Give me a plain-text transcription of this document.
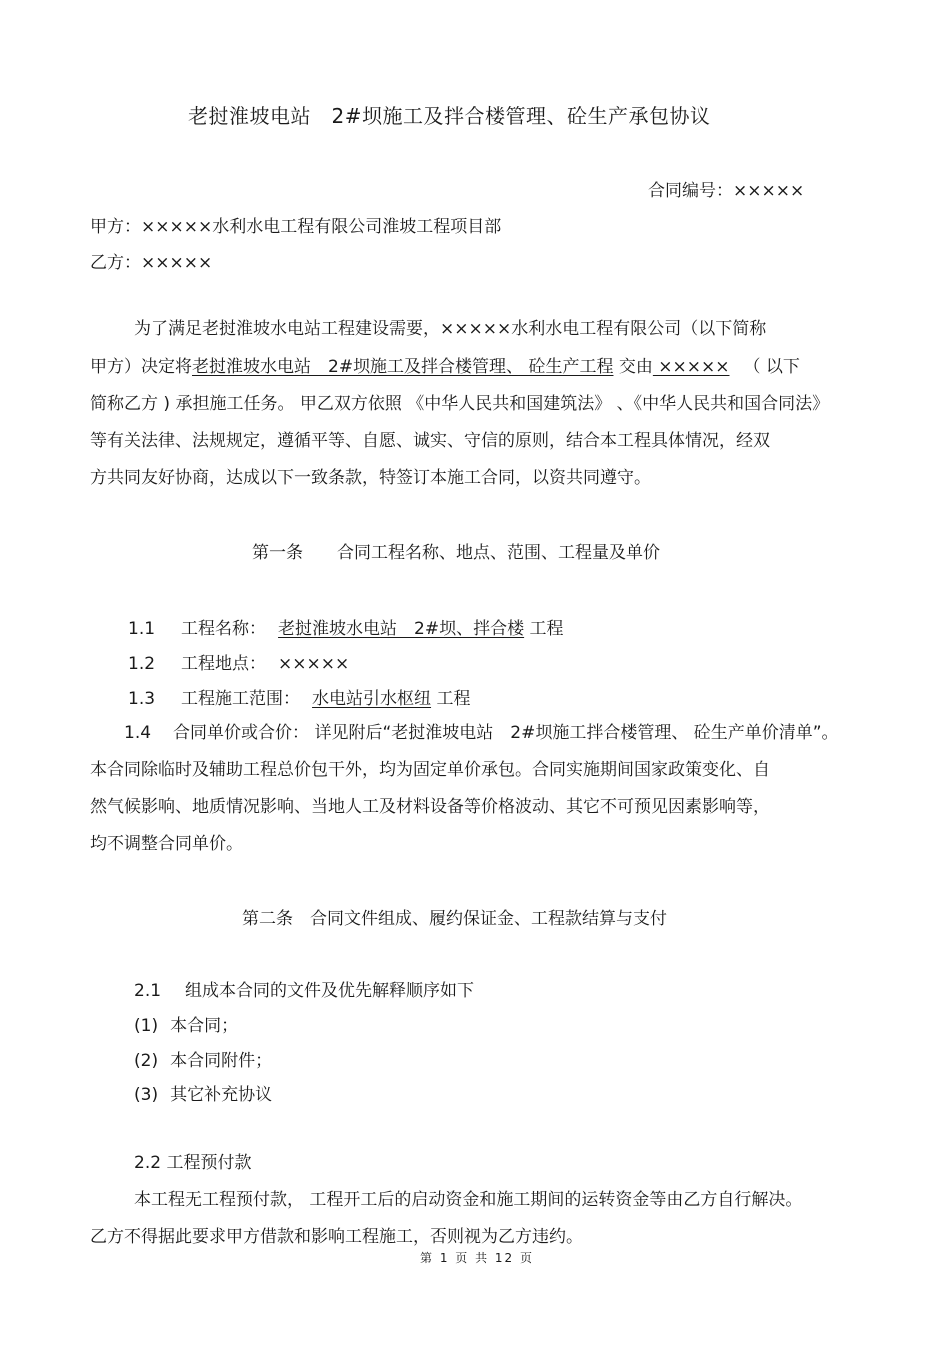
老挝淮坡电站　2#坝施工及拌合楼管理、砼生产承包协议
合同编号：×××××
甲方：×××××水利水电工程有限公司淮坡工程项目部
乙方：×××××
为了满足老挝淮坡水电站工程建设需要，×××××水利水电工程有限公司（以下简称
甲方）决定将老挝淮坡水电站　2#坝施工及拌合楼管理、 砼生产工程 交由 ××××× （ 以下
简称乙方 ) 承担施工任务。 甲乙双方依照 《中华人民共和国建筑法》 、《中华人民共和国合同法》
等有关法律、法规规定，遵循平等、自愿、诚实、守信的原则，结合本工程具体情况，经双
方共同友好协商，达成以下一致条款，特签订本施工合同，以资共同遵守。
第一条　　合同工程名称、地点、范围、工程量及单价
1.1 工程名称： 老挝淮坡水电站　2#坝、拌合楼 工程
1.2 工程地点： ×××××
1.3 工程施工范围： 水电站引水枢纽 工程
1.4 合同单价或合价： 详见附后“老挝淮坡电站　2#坝施工拌合楼管理、 砼生产单价清单”。
本合同除临时及辅助工程总价包干外，均为固定单价承包。合同实施期间国家政策变化、自
然气候影响、地质情况影响、当地人工及材料设备等价格波动、其它不可预见因素影响等，
均不调整合同单价。
第二条　合同文件组成、履约保证金、工程款结算与支付
2.1 组成本合同的文件及优先解释顺序如下
(1) 本合同；
(2) 本合同附件；
(3) 其它补充协议
2.2 工程预付款
本工程无工程预付款， 工程开工后的启动资金和施工期间的运转资金等由乙方自行解决。
乙方不得据此要求甲方借款和影响工程施工，否则视为乙方违约。
第 1 页 共 12 页
